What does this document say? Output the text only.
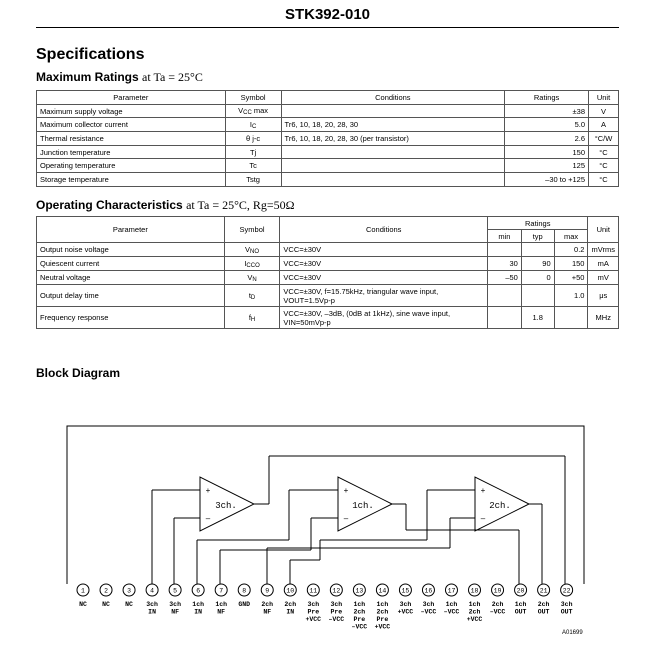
STK392-010
Specifications
Maximum Ratings at Ta = 25°C
Parameter	Symbol	Conditions	Ratings	Unit
Maximum supply voltage	$V_{CC}$ max		±38	V
Maximum collector current	$I_C$	Tr6, 10, 18, 20, 28, 30	5.0	A
Thermal resistance	θ j-c	Tr6, 10, 18, 20, 28, 30 (per transistor)	2.6	°C/W
Junction temperature	Tj		150	°C
Operating temperature	Tc		125	°C
Storage temperature	Tstg		–30 to +125	°C
Operating Characteristics at Ta = 25°C, Rg=50Ω
Parameter	Symbol	Conditions	Ratings			Unit
			min	typ	max	
Output noise voltage	$V_{NO}$	VCC=±30V			0.2	mVrms
Quiescent current	$I_{CCO}$	VCC=±30V	30	90	150	mA
Neutral voltage	$V_N$	VCC=±30V	–50	0	+50	mV
Output delay time	$t_D$	VCC=±30V, f=15.75kHz, triangular wave input,
VOUT=1.5Vp-p			1.0	μs
Frequency response	$f_H$	VCC=±30V, –3dB, (0dB at 1kHz), sine wave input,
VIN=50mVp-p		1.8		MHz
Block Diagram
+
–
+
–
+
–
3ch.	1ch.	2ch.
1
NC
2
NC
3
NC
4
3ch
IN
5
3ch
NF
6
1ch
IN
7
1ch
NF
8
GND
9
2ch
NF
10
2ch
IN
11
3ch
Pre
+VCC
12
3ch
Pre
–VCC
13
1ch
2ch
Pre
–VCC
14
1ch
2ch
Pre
+VCC
15
3ch
+VCC
16
3ch
–VCC
17
1ch
–VCC
18
1ch
2ch
+VCC
19
2ch
–VCC
20
1ch
OUT
21
2ch
OUT
22
3ch
OUT
A01699
